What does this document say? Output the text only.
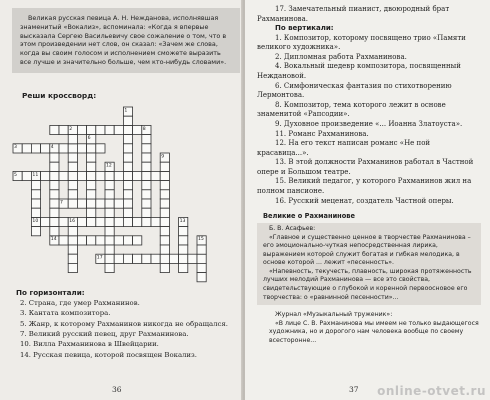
Великая русская певица А. Н. Нежданова, исполнявшая знаменитый «Вокализ», вспоминала: «Когда я впервые высказала Сергею Васильевичу свое сожаление о том, что в этом произведении нет слов, он сказал: «Зачем же слова, когда вы своим голосом и исполнением сможете выразить все лучше и значительно больше, чем кто-нибудь словами».

Реши кроссворд:
1
2
3	4
5
6
7
8
9
10
11
12
13
14	15
16
17
По горизонтали:
2. Страна, где умер Рахманинов.
3. Кантата композитора.
5. Жанр, к которому Рахманинов никогда не обращался.
7. Великий русский певец, друг Рахманинова.
10. Вилла Рахманинова в Швейцарии.
14. Русская певица, которой посвящен Вокализ.
36
17. Замечательный пианист, двоюродный брат Рахманинова.
По вертикали:
1. Композитор, которому посвящено трио «Памяти великого художника».
2. Дипломная работа Рахманинова.
4. Вокальный шедевр композитора, посвященный Неждановой.
6. Симфоническая фантазия по стихотворению Лермонтова.
8. Композитор, тема которого лежит в основе знаменитой «Рапсодии».
9. Духовное произведение «... Иоанна Златоуста».
11. Романс Рахманинова.
12. На его текст написан романс «Не пой красавица...».
13. В этой должности Рахманинов работал в Частной опере и Большом театре.
15. Великий педагог, у которого Рахманинов жил на полном пансионе.
16. Русский меценат, создатель Частной оперы.
Великие о Рахманинове

Б. В. Асафьев:

«Главное и существенно ценное в творчестве Рахманинова – его эмоционально-чуткая непосредственная лирика, выражением которой служит богатая и гибкая мелодика, в основе которой ... лежит «песенность».

«Напевность, текучесть, плавность, широкая протяженность лучших мелодий Рахманинова — все это свойства, свидетельствующие о глубокой и коренной первоосновое его творчества: о «равнинной песенности»...

Журнал «Музыкальный труженик»:

«В лице С. В. Рахманинова мы имеем не только выдающегося художника, но и дорогого нам человека вообще по своему всесторонне...

37 online-otvet.ru
